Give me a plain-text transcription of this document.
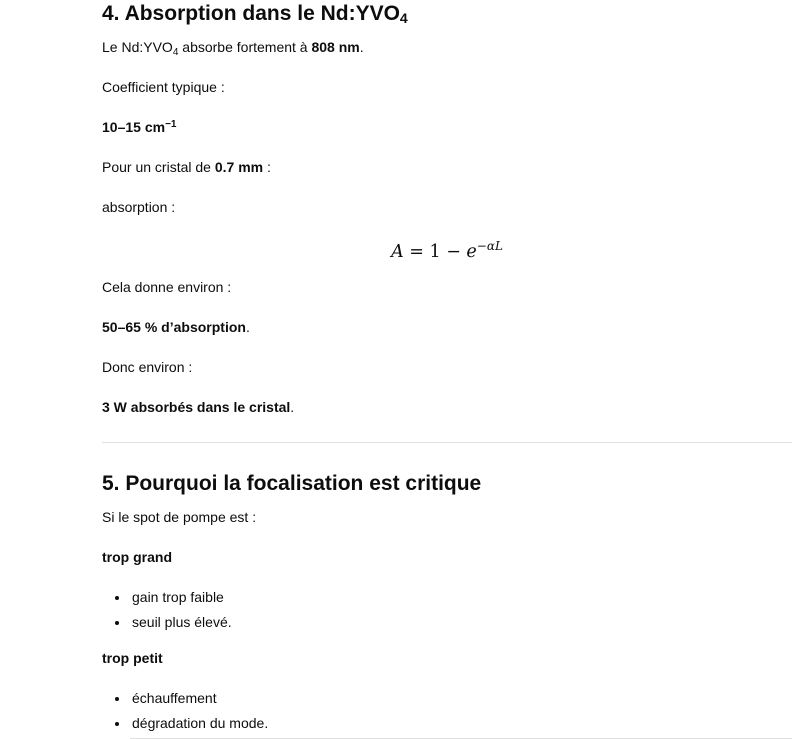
4. Absorption dans le $Nd:YVO_4$

Le $Nd:YVO_4$ absorbe fortement à 808 nm.

Coefficient typique :

10–15 $cm^{-1}$

Pour un cristal de 0.7 mm :

absorption :

$A = 1 - e^{-\alpha L}$

Cela donne environ :

50–65 % d’absorption.

Donc environ :

3 W absorbés dans le cristal.

5. Pourquoi la focalisation est critique

Si le spot de pompe est :

trop grand

• gain trop faible
• seuil plus élevé.

trop petit

• échauffement
• dégradation du mode.
